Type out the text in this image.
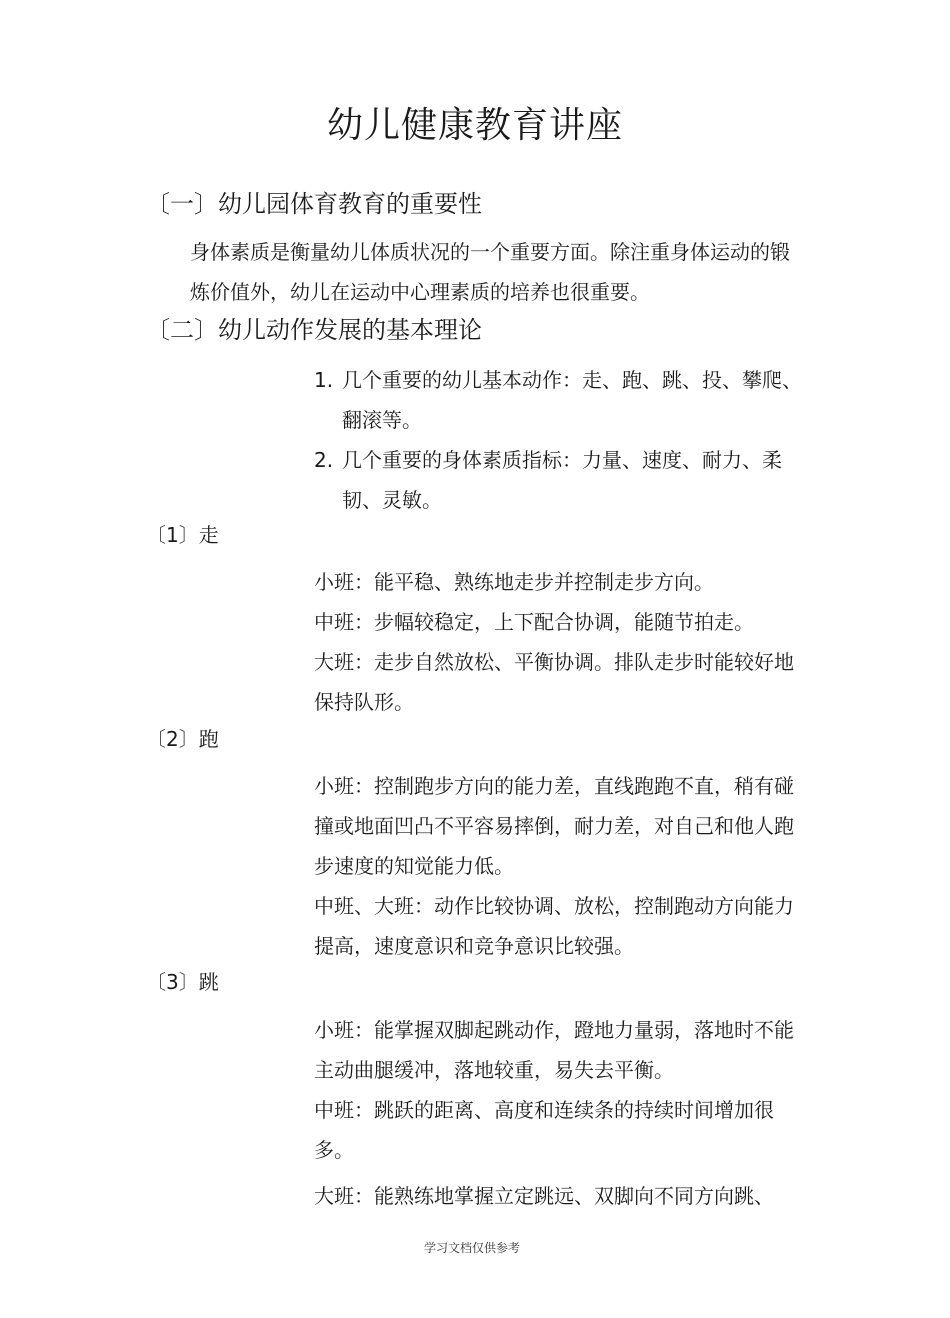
幼儿健康教育讲座
〔一〕幼儿园体育教育的重要性
身体素质是衡量幼儿体质状况的一个重要方面。除注重身体运动的锻炼价值外，幼儿在运动中心理素质的培养也很重要。
〔二〕幼儿动作发展的基本理论
1. 几个重要的幼儿基本动作：走、跑、跳、投、攀爬、翻滚等。
2. 几个重要的身体素质指标：力量、速度、耐力、柔韧、灵敏。
〔1〕走

小班：能平稳、熟练地走步并控制走步方向。

中班：步幅较稳定，上下配合协调，能随节拍走。

大班：走步自然放松、平衡协调。排队走步时能较好地保持队形。

〔2〕跑

小班：控制跑步方向的能力差，直线跑跑不直，稍有碰撞或地面凹凸不平容易摔倒，耐力差，对自己和他人跑步速度的知觉能力低。

中班、大班：动作比较协调、放松，控制跑动方向能力提高，速度意识和竞争意识比较强。

〔3〕跳

小班：能掌握双脚起跳动作，蹬地力量弱，落地时不能主动曲腿缓冲，落地较重，易失去平衡。

中班：跳跃的距离、高度和连续条的持续时间增加很多。

大班：能熟练地掌握立定跳远、双脚向不同方向跳、

学习文档仅供参考
